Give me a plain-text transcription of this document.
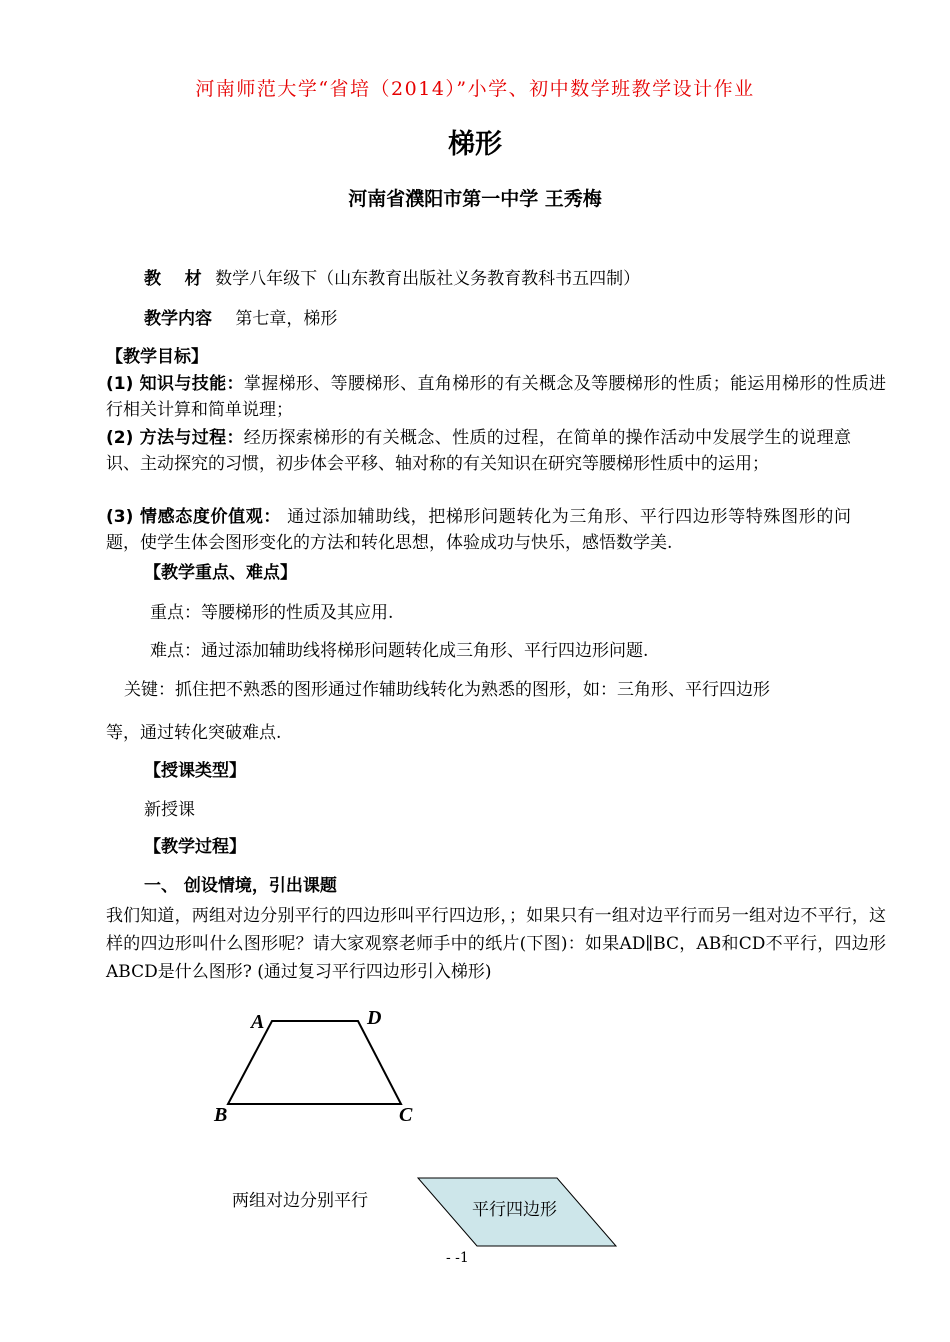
河南师范大学“省培（2014）”小学、初中数学班教学设计作业
梯形
河南省濮阳市第一中学 王秀梅
教    材 数学八年级下（山东教育出版社义务教育教科书五四制）
教学内容 第七章，梯形
【教学目标】
(1) 知识与技能：掌握梯形、等腰梯形、直角梯形的有关概念及等腰梯形的性质；能运用梯形的性质进行相关计算和简单说理；
(2) 方法与过程：经历探索梯形的有关概念、性质的过程，在简单的操作活动中发展学生的说理意识、主动探究的习惯，初步体会平移、轴对称的有关知识在研究等腰梯形性质中的运用；
(3) 情感态度价值观： 通过添加辅助线，把梯形问题转化为三角形、平行四边形等特殊图形的问题，使学生体会图形变化的方法和转化思想，体验成功与快乐，感悟数学美.
【教学重点、难点】
重点：等腰梯形的性质及其应用.
难点：通过添加辅助线将梯形问题转化成三角形、平行四边形问题.
关键：抓住把不熟悉的图形通过作辅助线转化为熟悉的图形，如：三角形、平行四边形
等，通过转化突破难点.
【授课类型】
新授课
【教学过程】
一、 创设情境，引出课题
我们知道，两组对边分别平行的四边形叫平行四边形，；如果只有一组对边平行而另一组对边不平行，这样的四边形叫什么图形呢？请大家观察老师手中的纸片(下图)：如果AD∥BC，AB和CD不平行，四边形ABCD是什么图形? (通过复习平行四边形引入梯形)
A	D
B	C
两组对边分别平行	平行四边形
- -1
